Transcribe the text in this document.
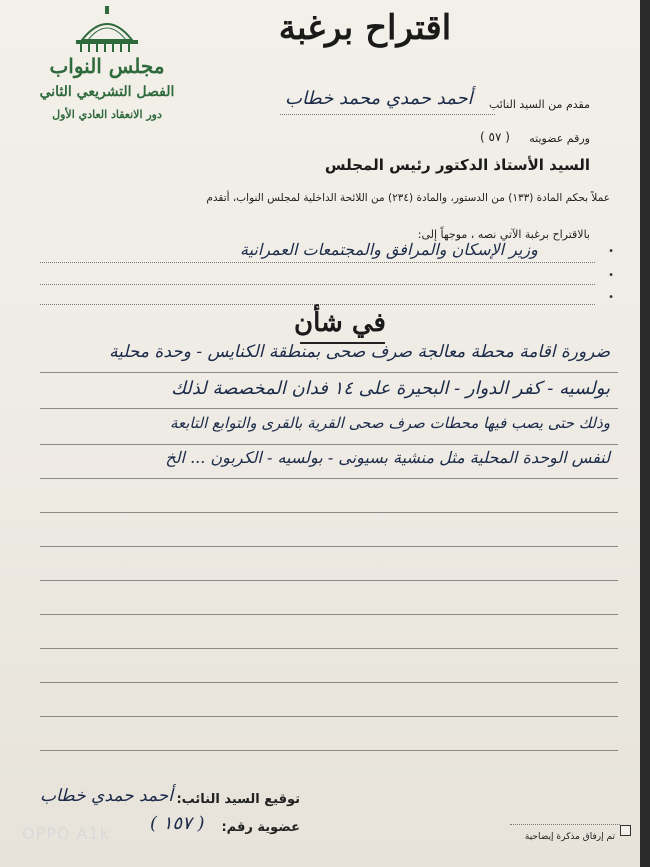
اقتراح برغبة
مجلس النواب
الفصل التشريعي الثاني
دور الانعقاد العادي الأول
مقدم من السيد النائب
أحمد حمدي محمد خطاب
ورقم عضويته
( ٥٧ )
السيد الأستاذ الدكتور رئيس المجلس
عملاً بحكم المادة (١٣٣) من الدستور، والمادة (٢٣٤) من اللائحة الداخلية لمجلس النواب، أتقدم
بالاقتراح برغبة الآتي نصه ، موجهاً إلى:
•
•
•
وزير الإسكان والمرافق والمجتمعات العمرانية
في شأن
ضرورة اقامة محطة معالجة صرف صحى بمنطقة الكنايس - وحدة محلية
بولسيه - كفر الدوار - البحيرة على ١٤ فدان المخصصة لذلك
وذلك حتى يصب فيها محطات صرف صحى القرية بالقرى والتوابع التابعة
لنفس الوحدة المحلية مثل منشية بسيونى - بولسيه - الكربون ... الخ
توقيع السيد النائب:
أحمد حمدي خطاب
عضوية رقم:
( ١٥٧ )
تم إرفاق مذكرة إيضاحية
OPPO A1k
